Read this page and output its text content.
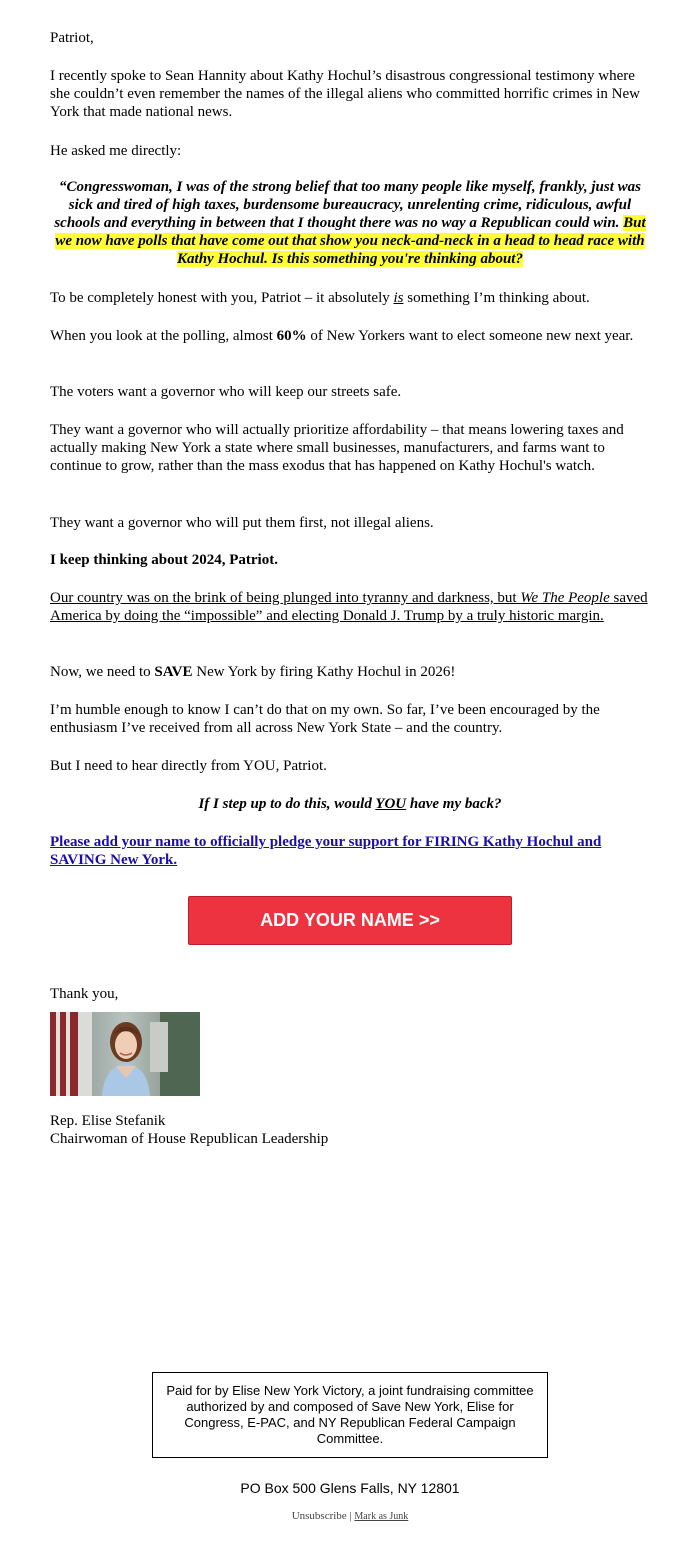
Patriot,

I recently spoke to Sean Hannity about Kathy Hochul’s disastrous congressional testimony where she couldn’t even remember the names of the illegal aliens who committed horrific crimes in New York that made national news.

He asked me directly:

“Congresswoman, I was of the strong belief that too many people like myself, frankly, just was sick and tired of high taxes, burdensome bureaucracy, unrelenting crime, ridiculous, awful schools and everything in between that I thought there was no way a Republican could win. But we now have polls that have come out that show you neck-and-neck in a head to head race with Kathy Hochul. Is this something you're thinking about?

To be completely honest with you, Patriot – it absolutely is something I’m thinking about.

When you look at the polling, almost 60% of New Yorkers want to elect someone new next year.

The voters want a governor who will keep our streets safe.

They want a governor who will actually prioritize affordability – that means lowering taxes and actually making New York a state where small businesses, manufacturers, and farms want to continue to grow, rather than the mass exodus that has happened on Kathy Hochul's watch.

They want a governor who will put them first, not illegal aliens.

I keep thinking about 2024, Patriot.

Our country was on the brink of being plunged into tyranny and darkness, but We The People saved America by doing the “impossible” and electing Donald J. Trump by a truly historic margin.

Now, we need to SAVE New York by firing Kathy Hochul in 2026!

I’m humble enough to know I can’t do that on my own. So far, I’ve been encouraged by the enthusiasm I’ve received from all across New York State – and the country.

But I need to hear directly from YOU, Patriot.

If I step up to do this, would YOU have my back?

Please add your name to officially pledge your support for FIRING Kathy Hochul and SAVING New York.

Thank you,

Rep. Elise Stefanik
Chairwoman of House Republican Leadership

ADD YOUR NAME >>
Paid for by Elise New York Victory, a joint fundraising committee authorized by and composed of Save New York, Elise for Congress, E-PAC, and NY Republican Federal Campaign Committee.
PO Box 500 Glens Falls, NY 12801
Unsubscribe | Mark as Junk
